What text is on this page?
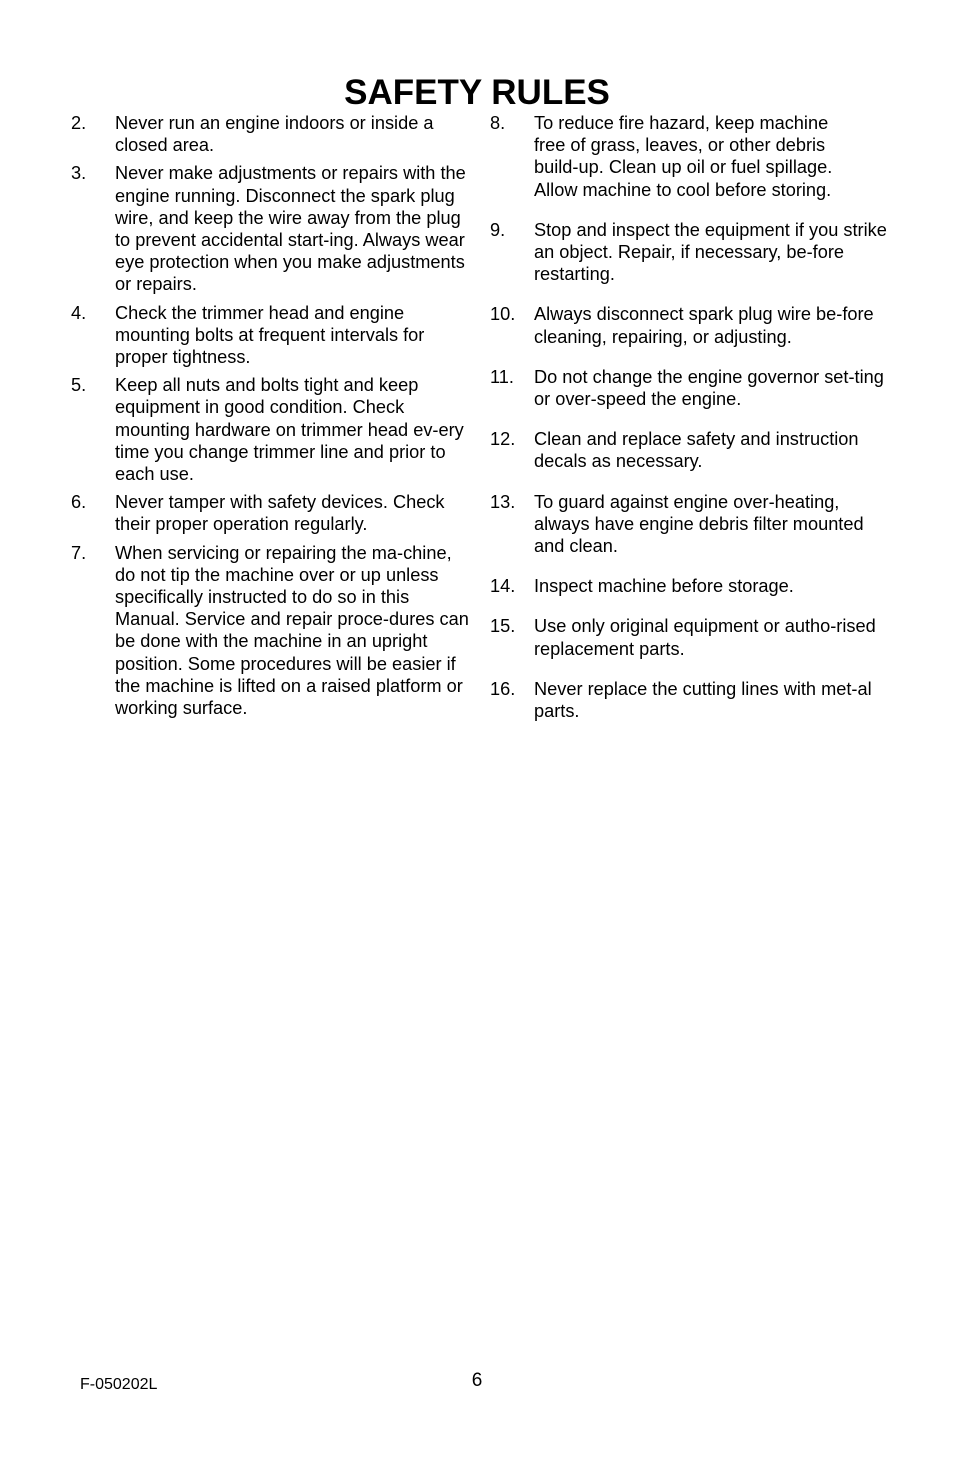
SAFETY RULES
2.	Never run an engine indoors or inside a closed area.
3.	Never make adjustments or repairs with the engine running. Disconnect the spark plug wire, and keep the wire away from the plug to prevent accidental start-ing. Always wear eye protection when you make adjustments or repairs.
4.	Check the trimmer head and engine mounting bolts at frequent intervals for proper tightness.
5.	Keep all nuts and bolts tight and keep equipment in good condition. Check mounting hardware on trimmer head ev-ery time you change trimmer line and prior to each use.
6.	Never tamper with safety devices. Check their proper operation regularly.
7.	When servicing or repairing the ma-chine, do not tip the machine over or up unless specifically instructed to do so in this Manual. Service and repair proce-dures can be done with the machine in an upright position. Some procedures will be easier if the machine is lifted on a raised platform or working surface.
8.	To reduce fire hazard, keep machine free of grass, leaves, or other debris build-up. Clean up oil or fuel spillage. Allow machine to cool before storing.
9.	Stop and inspect the equipment if you strike an object. Repair, if necessary, be-fore restarting.
10.	Always disconnect spark plug wire be-fore cleaning, repairing, or adjusting.
11.	Do not change the engine governor set-ting or over-speed the engine.
12.	Clean and replace safety and instruction decals as necessary.
13.	To guard against engine over-heating, always have engine debris filter mounted and clean.
14.	Inspect machine before storage.
15.	Use only original equipment or autho-rised replacement parts.
16.	Never replace the cutting lines with met-al parts.
F-050202L	6
